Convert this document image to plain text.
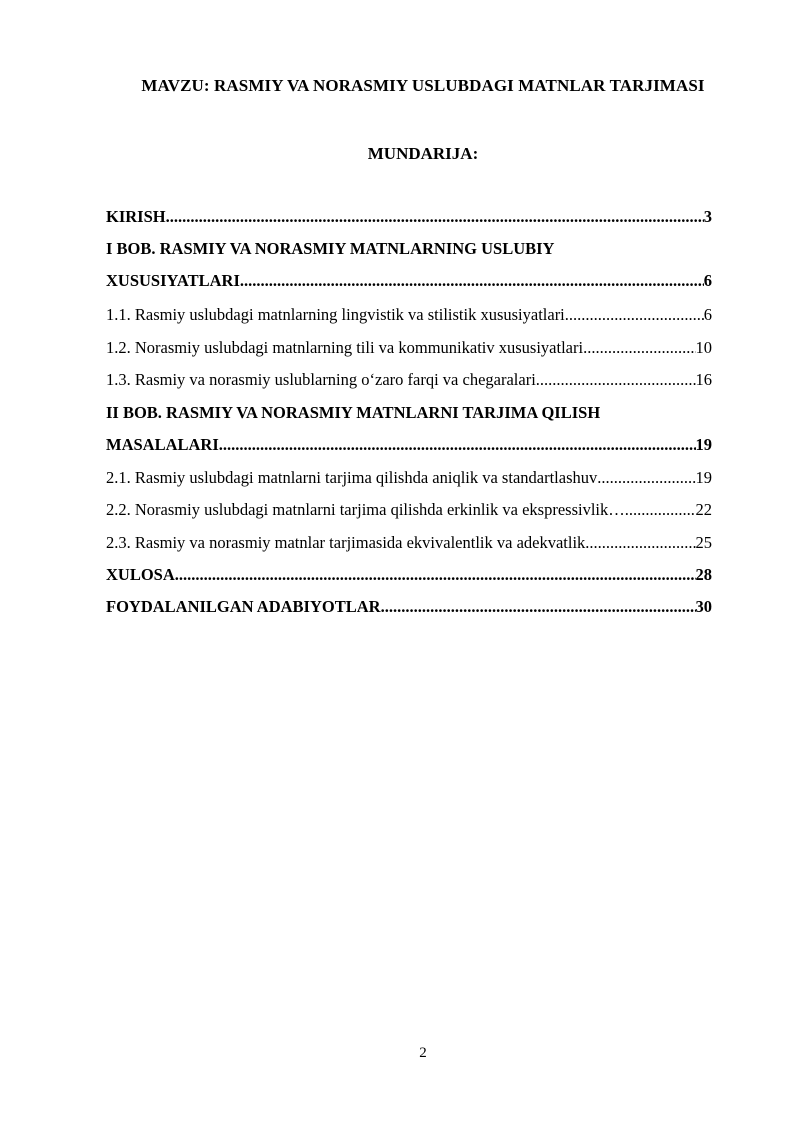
MAVZU: RASMIY VA NORASMIY USLUBDAGI MATNLAR TARJIMASI
MUNDARIJA:
KIRISH .....	3
I BOB. RASMIY VA NORASMIY MATNLARNING USLUBIY
XUSUSIYATLARI .....	6
1.1. Rasmiy uslubdagi matnlarning lingvistik va stilistik xususiyatlari .....	6
1.2. Norasmiy uslubdagi matnlarning tili va kommunikativ xususiyatlari .....	10
1.3. Rasmiy va norasmiy uslublarning o‘zaro farqi va chegaralari .....	16
II BOB. RASMIY VA NORASMIY MATNLARNI TARJIMA QILISH
MASALALARI .....	19
2.1. Rasmiy uslubdagi matnlarni tarjima qilishda aniqlik va standartlashuv .....	19
2.2. Norasmiy uslubdagi matnlarni tarjima qilishda erkinlik va ekspressivlik… .....	22
2.3. Rasmiy va norasmiy matnlar tarjimasida ekvivalentlik va adekvatlik .....	25
XULOSA .....	28
FOYDALANILGAN ADABIYOTLAR .....	30
2
